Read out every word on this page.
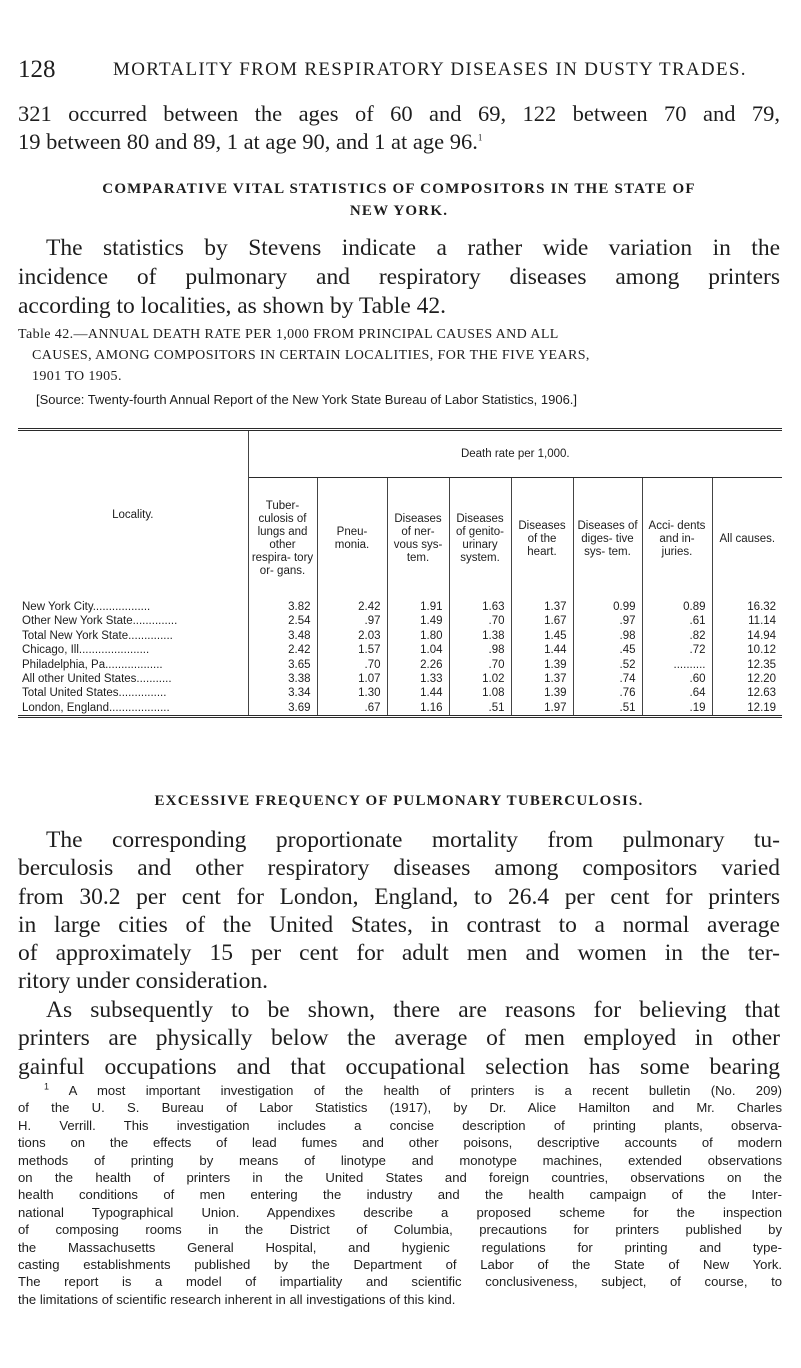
128	MORTALITY FROM RESPIRATORY DISEASES IN DUSTY TRADES.
321 occurred between the ages of 60 and 69, 122 between 70 and 79,
19 between 80 and 89, 1 at age 90, and 1 at age 96.$^1$
COMPARATIVE VITAL STATISTICS OF COMPOSITORS IN THE STATE OF
NEW YORK.
The statistics by Stevens indicate a rather wide variation in the
incidence of pulmonary and respiratory diseases among printers
according to localities, as shown by Table 42.
Table 42.—ANNUAL DEATH RATE PER 1,000 FROM PRINCIPAL CAUSES AND ALL
CAUSES, AMONG COMPOSITORS IN CERTAIN LOCALITIES, FOR THE FIVE YEARS,
1901 TO 1905.
[Source: Twenty-fourth Annual Report of the New York State Bureau of Labor Statistics, 1906.]
Locality.	Death rate per 1,000.							
	Tuber- culosis of lungs and other respira- tory or- gans.	Pneu- monia.	Diseases of ner- vous sys- tem.	Diseases of genito- urinary system.	Diseases of the heart.	Diseases of diges- tive sys- tem.	Acci- dents and in- juries.	All causes.
New York City..................	3.82	2.42	1.91	1.63	1.37	0.99	0.89	16.32
Other New York State..............	2.54	.97	1.49	.70	1.67	.97	.61	11.14
Total New York State..............	3.48	2.03	1.80	1.38	1.45	.98	.82	14.94
Chicago, Ill......................	2.42	1.57	1.04	.98	1.44	.45	.72	10.12
Philadelphia, Pa..................	3.65	.70	2.26	.70	1.39	.52	..........	12.35
All other United States...........	3.38	1.07	1.33	1.02	1.37	.74	.60	12.20
Total United States...............	3.34	1.30	1.44	1.08	1.39	.76	.64	12.63
London, England...................	3.69	.67	1.16	.51	1.97	.51	.19	12.19
EXCESSIVE FREQUENCY OF PULMONARY TUBERCULOSIS.
The corresponding proportionate mortality from pulmonary tu-
berculosis and other respiratory diseases among compositors varied
from 30.2 per cent for London, England, to 26.4 per cent for printers
in large cities of the United States, in contrast to a normal average
of approximately 15 per cent for adult men and women in the ter-
ritory under consideration.
As subsequently to be shown, there are reasons for believing that
printers are physically below the average of men employed in other
gainful occupations and that occupational selection has some bearing
$^1$ A most important investigation of the health of printers is a recent bulletin (No. 209)
of the U. S. Bureau of Labor Statistics (1917), by Dr. Alice Hamilton and Mr. Charles
H. Verrill. This investigation includes a concise description of printing plants, observa-
tions on the effects of lead fumes and other poisons, descriptive accounts of modern
methods of printing by means of linotype and monotype machines, extended observations
on the health of printers in the United States and foreign countries, observations on the
health conditions of men entering the industry and the health campaign of the Inter-
national Typographical Union. Appendixes describe a proposed scheme for the inspection
of composing rooms in the District of Columbia, precautions for printers published by
the Massachusetts General Hospital, and hygienic regulations for printing and type-
casting establishments published by the Department of Labor of the State of New York.
The report is a model of impartiality and scientific conclusiveness, subject, of course, to
the limitations of scientific research inherent in all investigations of this kind.
